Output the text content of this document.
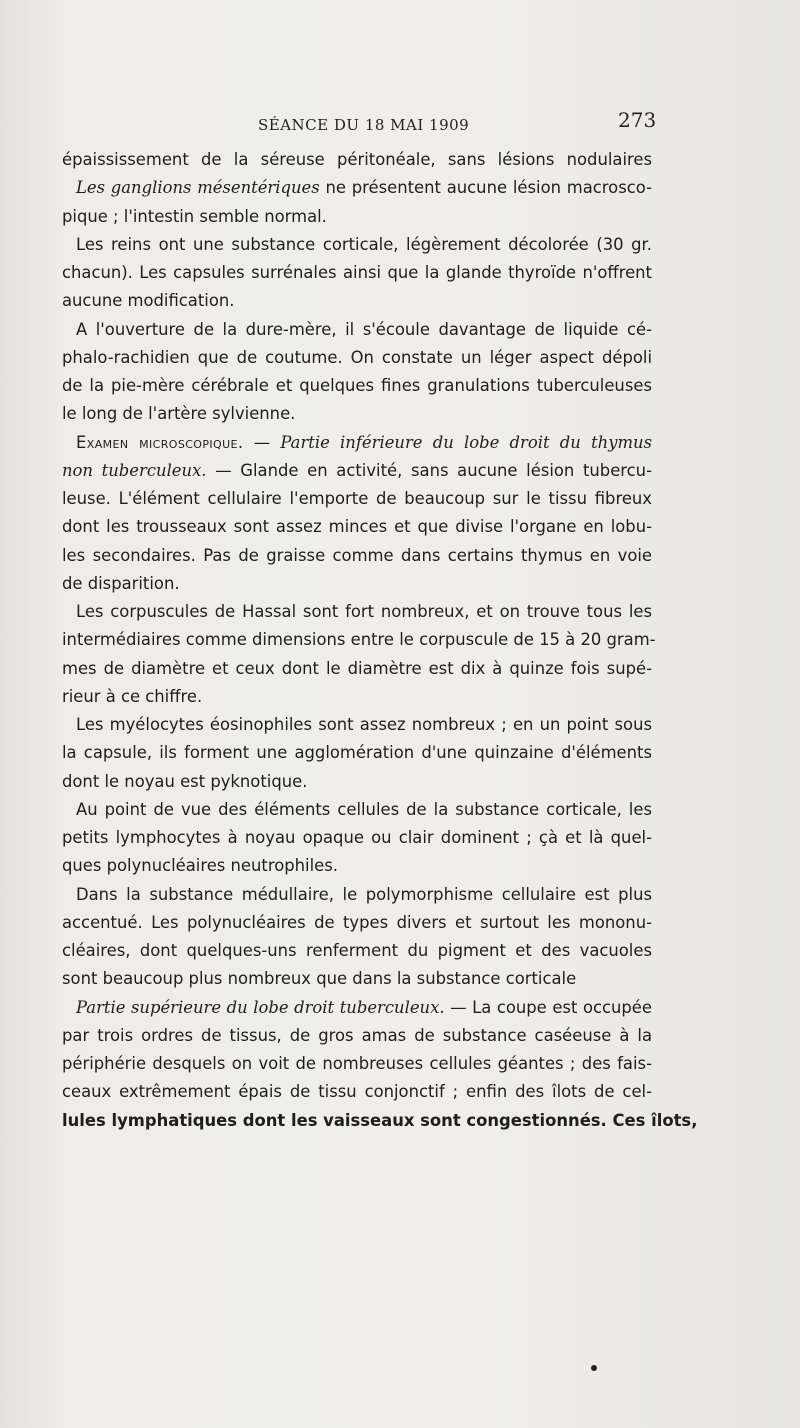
SÉANCE DU 18 MAI 1909	273
épaississement de la séreuse péritonéale, sans lésions nodulaires
Les ganglions mésentériques ne présentent aucune lésion macrosco-
pique ; l'intestin semble normal.
Les reins ont une substance corticale, légèrement décolorée (30 gr.
chacun). Les capsules surrénales ainsi que la glande thyroïde n'offrent
aucune modification.
A l'ouverture de la dure-mère, il s'écoule davantage de liquide cé-
phalo-rachidien que de coutume. On constate un léger aspect dépoli
de la pie-mère cérébrale et quelques fines granulations tuberculeuses
le long de l'artère sylvienne.
Examen microscopique. — Partie inférieure du lobe droit du thymus
non tuberculeux. — Glande en activité, sans aucune lésion tubercu-
leuse. L'élément cellulaire l'emporte de beaucoup sur le tissu fibreux
dont les trousseaux sont assez minces et que divise l'organe en lobu-
les secondaires. Pas de graisse comme dans certains thymus en voie
de disparition.
Les corpuscules de Hassal sont fort nombreux, et on trouve tous les
intermédiaires comme dimensions entre le corpuscule de 15 à 20 gram-
mes de diamètre et ceux dont le diamètre est dix à quinze fois supé-
rieur à ce chiffre.
Les myélocytes éosinophiles sont assez nombreux ; en un point sous
la capsule, ils forment une agglomération d'une quinzaine d'éléments
dont le noyau est pyknotique.
Au point de vue des éléments cellules de la substance corticale, les
petits lymphocytes à noyau opaque ou clair dominent ; çà et là quel-
ques polynucléaires neutrophiles.
Dans la substance médullaire, le polymorphisme cellulaire est plus
accentué. Les polynucléaires de types divers et surtout les mononu-
cléaires, dont quelques-uns renferment du pigment et des vacuoles
sont beaucoup plus nombreux que dans la substance corticale
Partie supérieure du lobe droit tuberculeux. — La coupe est occupée
par trois ordres de tissus, de gros amas de substance caséeuse à la
périphérie desquels on voit de nombreuses cellules géantes ; des fais-
ceaux extrêmement épais de tissu conjonctif ; enfin des îlots de cel-
lules lymphatiques dont les vaisseaux sont congestionnés. Ces îlots,
